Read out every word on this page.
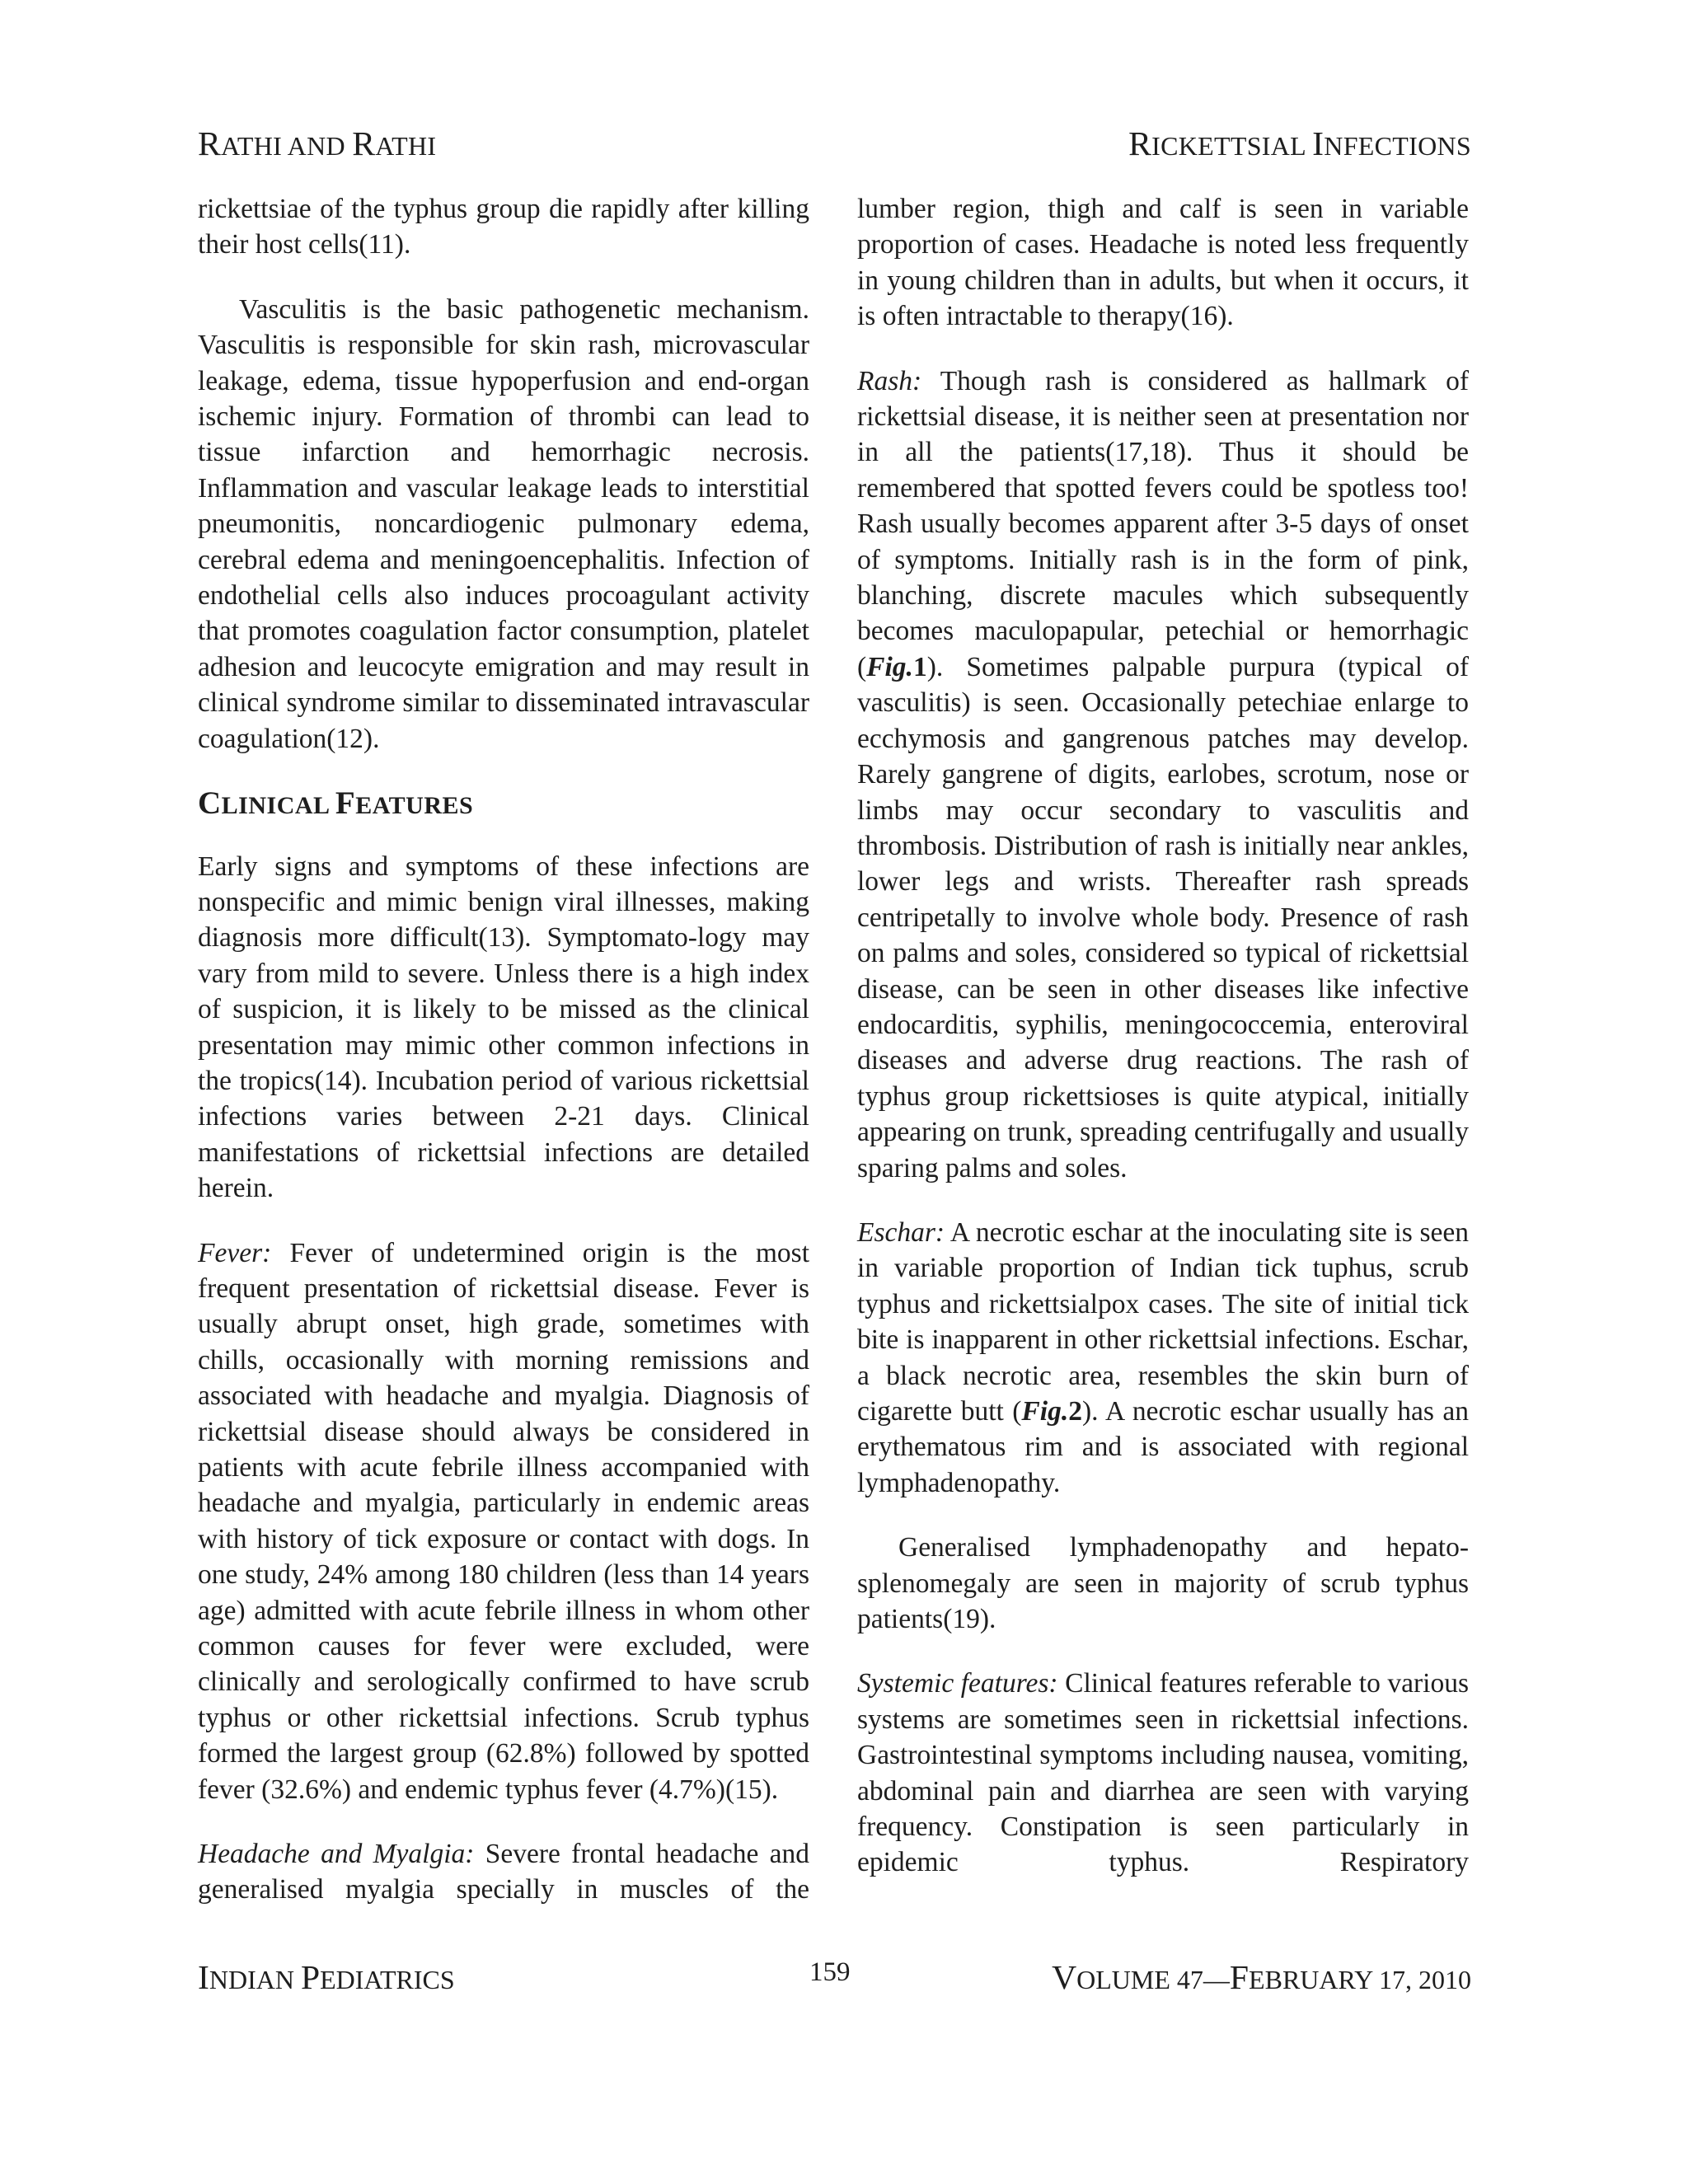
RATHI AND RATHI	RICKETTSIAL INFECTIONS

rickettsiae of the typhus group die rapidly after killing their host cells(11).

Vasculitis is the basic pathogenetic mechanism. Vasculitis is responsible for skin rash, microvascular leakage, edema, tissue hypoperfusion and end-organ ischemic injury. Formation of thrombi can lead to tissue infarction and hemorrhagic necrosis. Inflammation and vascular leakage leads to interstitial pneumonitis, noncardiogenic pulmonary edema, cerebral edema and meningoencephalitis. Infection of endothelial cells also induces procoagulant activity that promotes coagulation factor consumption, platelet adhesion and leucocyte emigration and may result in clinical syndrome similar to disseminated intravascular coagulation(12).

CLINICAL FEATURES

Early signs and symptoms of these infections are nonspecific and mimic benign viral illnesses, making diagnosis more difficult(13). Symptomato-logy may vary from mild to severe. Unless there is a high index of suspicion, it is likely to be missed as the clinical presentation may mimic other common infections in the tropics(14). Incubation period of various rickettsial infections varies between 2-21 days. Clinical manifestations of rickettsial infections are detailed herein.

Fever: Fever of undetermined origin is the most frequent presentation of rickettsial disease. Fever is usually abrupt onset, high grade, sometimes with chills, occasionally with morning remissions and associated with headache and myalgia. Diagnosis of rickettsial disease should always be considered in patients with acute febrile illness accompanied with headache and myalgia, particularly in endemic areas with history of tick exposure or contact with dogs. In one study, 24% among 180 children (less than 14 years age) admitted with acute febrile illness in whom other common causes for fever were excluded, were clinically and serologically confirmed to have scrub typhus or other rickettsial infections. Scrub typhus formed the largest group (62.8%) followed by spotted fever (32.6%) and endemic typhus fever (4.7%)(15).

Headache and Myalgia: Severe frontal headache and generalised myalgia specially in muscles of the

lumber region, thigh and calf is seen in variable proportion of cases. Headache is noted less frequently in young children than in adults, but when it occurs, it is often intractable to therapy(16).

Rash: Though rash is considered as hallmark of rickettsial disease, it is neither seen at presentation nor in all the patients(17,18). Thus it should be remembered that spotted fevers could be spotless too! Rash usually becomes apparent after 3-5 days of onset of symptoms. Initially rash is in the form of pink, blanching, discrete macules which subsequently becomes maculopapular, petechial or hemorrhagic (Fig.1). Sometimes palpable purpura (typical of vasculitis) is seen. Occasionally petechiae enlarge to ecchymosis and gangrenous patches may develop. Rarely gangrene of digits, earlobes, scrotum, nose or limbs may occur secondary to vasculitis and thrombosis. Distribution of rash is initially near ankles, lower legs and wrists. Thereafter rash spreads centripetally to involve whole body. Presence of rash on palms and soles, considered so typical of rickettsial disease, can be seen in other diseases like infective endocarditis, syphilis, meningococcemia, enteroviral diseases and adverse drug reactions. The rash of typhus group rickettsioses is quite atypical, initially appearing on trunk, spreading centrifugally and usually sparing palms and soles.

Eschar: A necrotic eschar at the inoculating site is seen in variable proportion of Indian tick tuphus, scrub typhus and rickettsialpox cases. The site of initial tick bite is inapparent in other rickettsial infections. Eschar, a black necrotic area, resembles the skin burn of cigarette butt (Fig.2). A necrotic eschar usually has an erythematous rim and is associated with regional lymphadenopathy.

Generalised lymphadenopathy and hepato-splenomegaly are seen in majority of scrub typhus patients(19).

Systemic features: Clinical features referable to various systems are sometimes seen in rickettsial infections. Gastrointestinal symptoms including nausea, vomiting, abdominal pain and diarrhea are seen with varying frequency. Constipation is seen particularly in epidemic typhus. Respiratory

INDIAN PEDIATRICS	159	VOLUME 47—FEBRUARY 17, 2010
